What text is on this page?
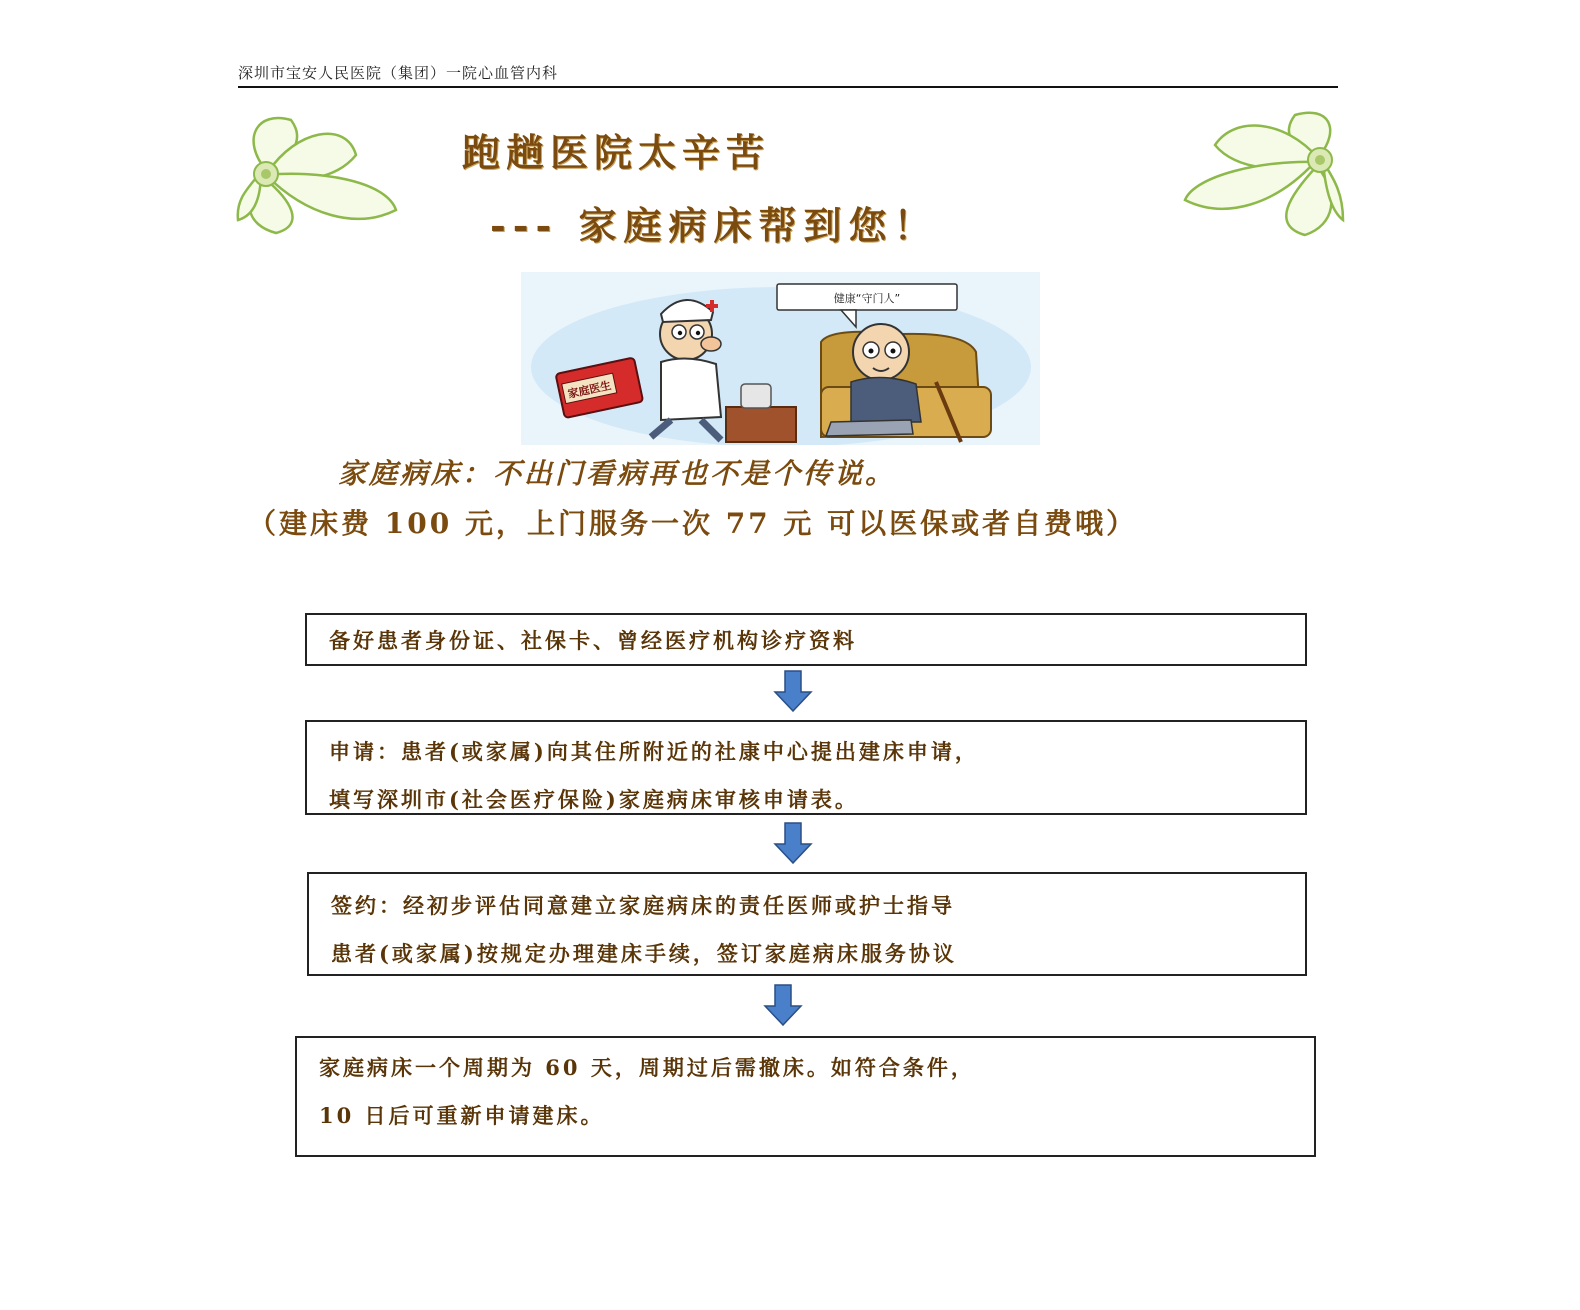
深圳市宝安人民医院（集团）一院心血管内科
跑趟医院太辛苦
--- 家庭病床帮到您！
健康“守门人”
家庭医生
家庭病床：不出门看病再也不是个传说。
（建床费 100 元，上门服务一次 77 元 可以医保或者自费哦）
备好患者身份证、社保卡、曾经医疗机构诊疗资料
申请：患者(或家属)向其住所附近的社康中心提出建床申请，
填写深圳市(社会医疗保险)家庭病床审核申请表。
签约：经初步评估同意建立家庭病床的责任医师或护士指导
患者(或家属)按规定办理建床手续，签订家庭病床服务协议
家庭病床一个周期为 60 天，周期过后需撤床。如符合条件，
10 日后可重新申请建床。
